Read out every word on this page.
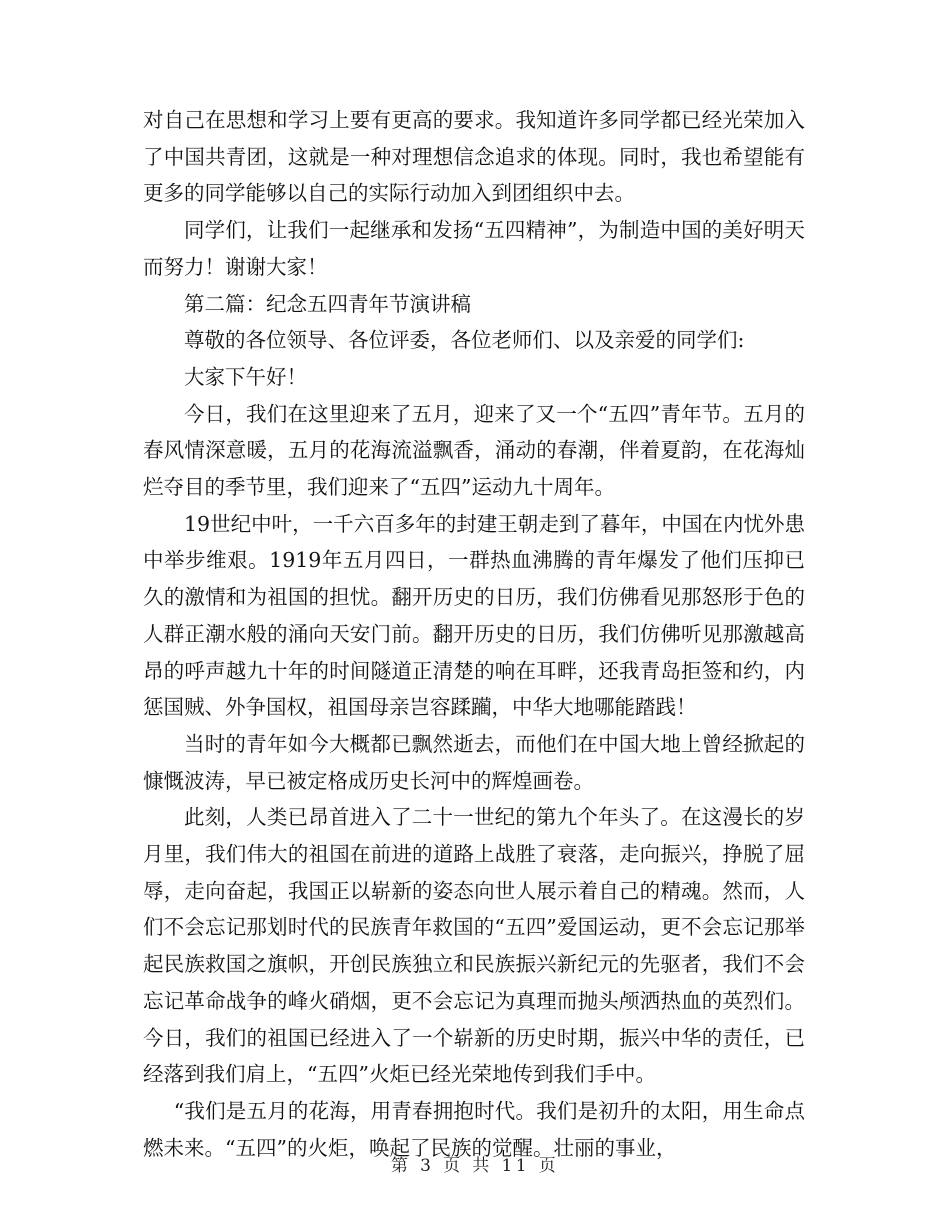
对自己在思想和学习上要有更高的要求。我知道许多同学都已经光荣加入了中国共青团，这就是一种对理想信念追求的体现。同时，我也希望能有更多的同学能够以自己的实际行动加入到团组织中去。

同学们，让我们一起继承和发扬“五四精神”，为制造中国的美好明天而努力！谢谢大家！

第二篇：纪念五四青年节演讲稿

尊敬的各位领导、各位评委，各位老师们、以及亲爱的同学们:

大家下午好！

今日，我们在这里迎来了五月，迎来了又一个“五四”青年节。五月的春风情深意暖，五月的花海流溢飘香，涌动的春潮，伴着夏韵，在花海灿烂夺目的季节里，我们迎来了“五四”运动九十周年。

19世纪中叶，一千六百多年的封建王朝走到了暮年，中国在内忧外患中举步维艰。1919年五月四日，一群热血沸腾的青年爆发了他们压抑已久的激情和为祖国的担忧。翻开历史的日历，我们仿佛看见那怒形于色的人群正潮水般的涌向天安门前。翻开历史的日历，我们仿佛听见那激越高昂的呼声越九十年的时间隧道正清楚的响在耳畔，还我青岛拒签和约，内惩国贼、外争国权，祖国母亲岂容蹂躏，中华大地哪能踏践！

当时的青年如今大概都已飘然逝去，而他们在中国大地上曾经掀起的慷慨波涛，早已被定格成历史长河中的辉煌画卷。

此刻，人类已昂首进入了二十一世纪的第九个年头了。在这漫长的岁月里，我们伟大的祖国在前进的道路上战胜了衰落，走向振兴，挣脱了屈辱，走向奋起，我国正以崭新的姿态向世人展示着自己的精魂。然而，人们不会忘记那划时代的民族青年救国的“五四”爱国运动，更不会忘记那举起民族救国之旗帜，开创民族独立和民族振兴新纪元的先驱者，我们不会忘记革命战争的峰火硝烟，更不会忘记为真理而抛头颅洒热血的英烈们。今日，我们的祖国已经进入了一个崭新的历史时期，振兴中华的责任，已经落到我们肩上，“五四”火炬已经光荣地传到我们手中。

“我们是五月的花海，用青春拥抱时代。我们是初升的太阳，用生命点燃未来。“五四”的火炬，唤起了民族的觉醒。壮丽的事业，

第 3 页 共 11 页
